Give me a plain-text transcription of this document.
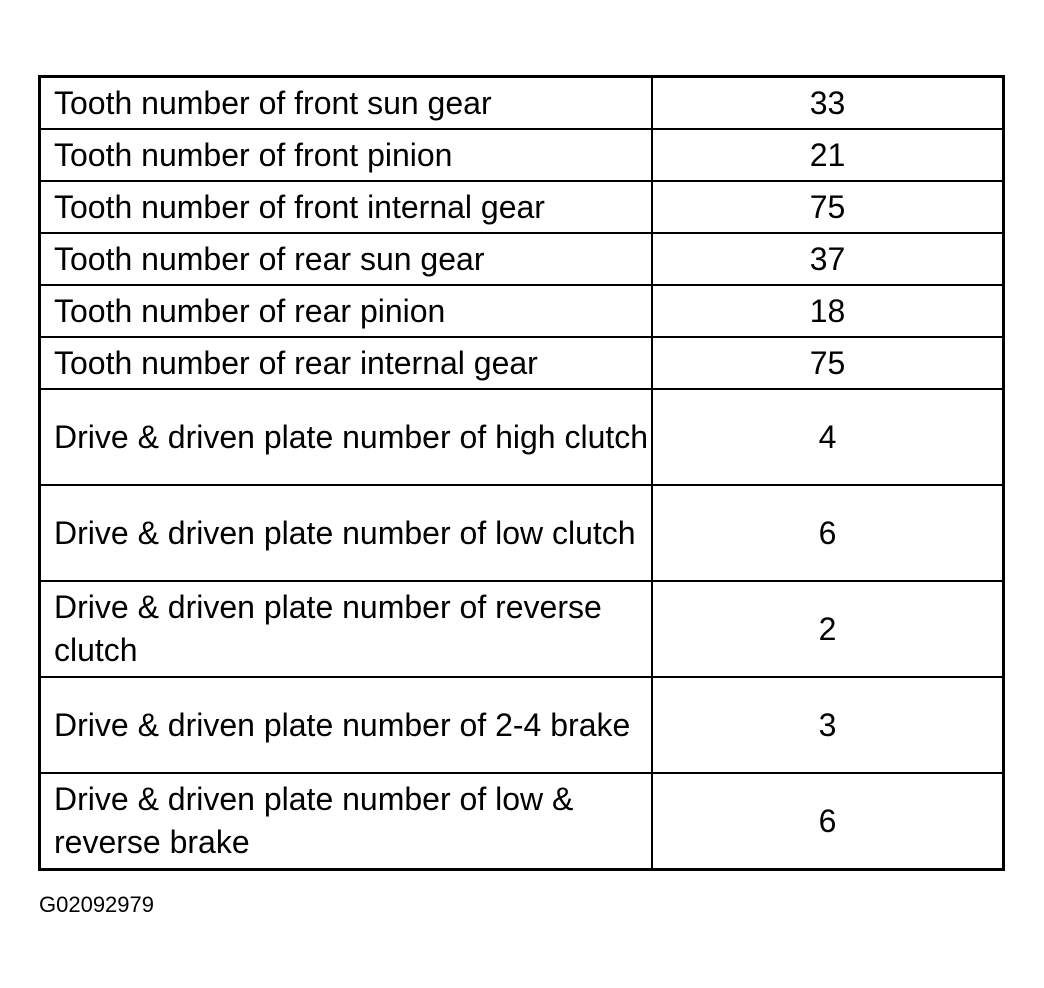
Tooth number of front sun gear	33
Tooth number of front pinion	21
Tooth number of front internal gear	75
Tooth number of rear sun gear	37
Tooth number of rear pinion	18
Tooth number of rear internal gear	75
Drive & driven plate number of high clutch	4
Drive & driven plate number of low clutch	6
Drive & driven plate number of reverse clutch	2
Drive & driven plate number of 2-4 brake	3
Drive & driven plate number of low & reverse brake	6
G02092979
